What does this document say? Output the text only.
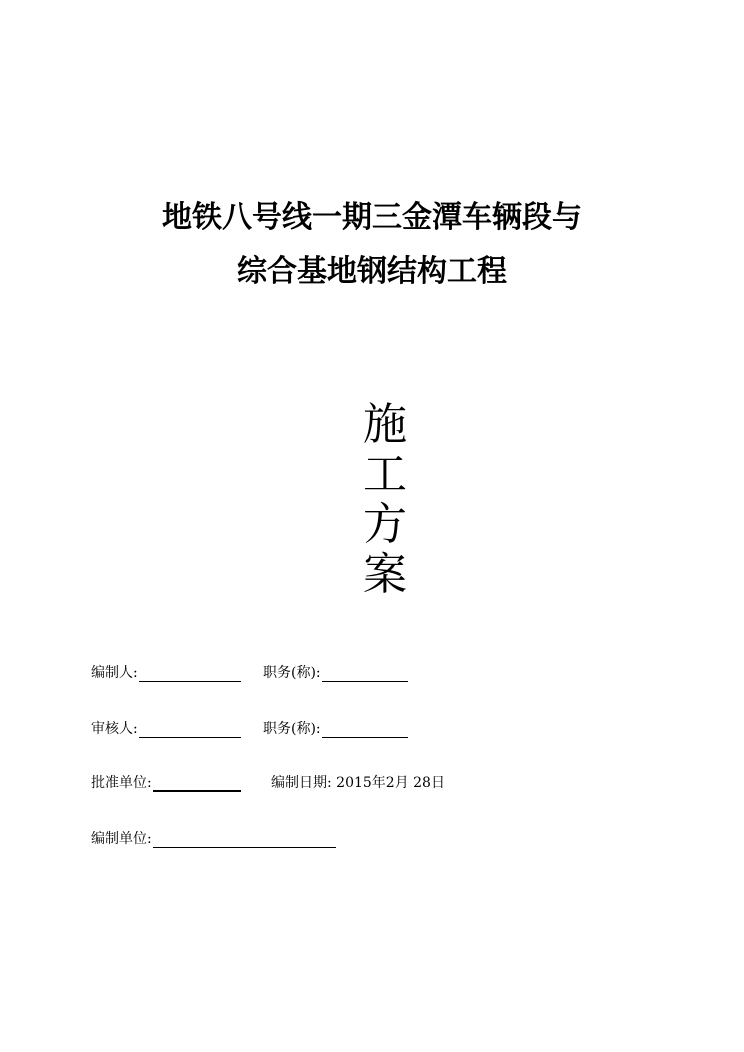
地铁八号线一期三金潭车辆段与
综合基地钢结构工程
施
工
方
案
编制人:	职务(称):
审核人:	职务(称):
批准单位:	编制日期: 2015年2月 28日
编制单位:
